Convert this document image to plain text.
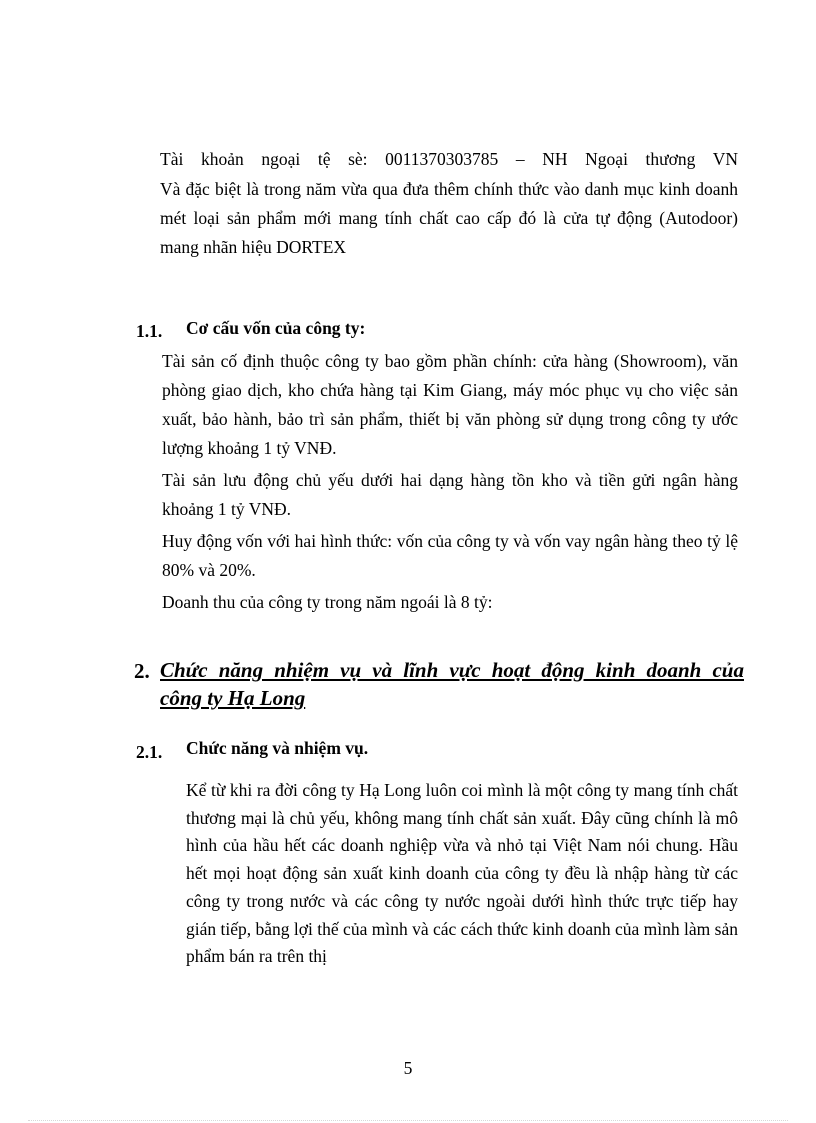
Tài khoản ngoại tệ sè: 0011370303785 – NH Ngoại thương VN

Và đặc biệt là trong năm vừa qua đưa thêm chính thức vào danh mục kinh doanh mét loại sản phẩm mới mang tính chất cao cấp đó là cửa tự động (Autodoor) mang nhãn hiệu DORTEX

1.1. Cơ cấu vốn của công ty:

Tài sản cố định thuộc công ty bao gồm phần chính: cửa hàng (Showroom), văn phòng giao dịch, kho chứa hàng tại Kim Giang, máy móc phục vụ cho việc sản xuất, bảo hành, bảo trì sản phẩm, thiết bị văn phòng sử dụng trong công ty ước lượng khoảng 1 tỷ VNĐ.

Tài sản lưu động chủ yếu dưới hai dạng hàng tồn kho và tiền gửi ngân hàng khoảng 1 tỷ VNĐ.

Huy động vốn với hai hình thức: vốn của công ty và vốn vay ngân hàng theo tỷ lệ 80% và 20%.

Doanh thu của công ty trong năm ngoái là 8 tỷ:

2. Chức năng nhiệm vụ và lĩnh vực hoạt động kinh doanh của
công ty Hạ Long
2.1. Chức năng và nhiệm vụ.

Kể từ khi ra đời công ty Hạ Long luôn coi mình là một công ty mang tính chất thương mại là chủ yếu, không mang tính chất sản xuất. Đây cũng chính là mô hình của hầu hết các doanh nghiệp vừa và nhỏ tại Việt Nam nói chung. Hầu hết mọi hoạt động sản xuất kinh doanh của công ty đều là nhập hàng từ các công ty trong nước và các công ty nước ngoài dưới hình thức trực tiếp hay gián tiếp, bằng lợi thế của mình và các cách thức kinh doanh của mình làm sản phẩm bán ra trên thị

5
